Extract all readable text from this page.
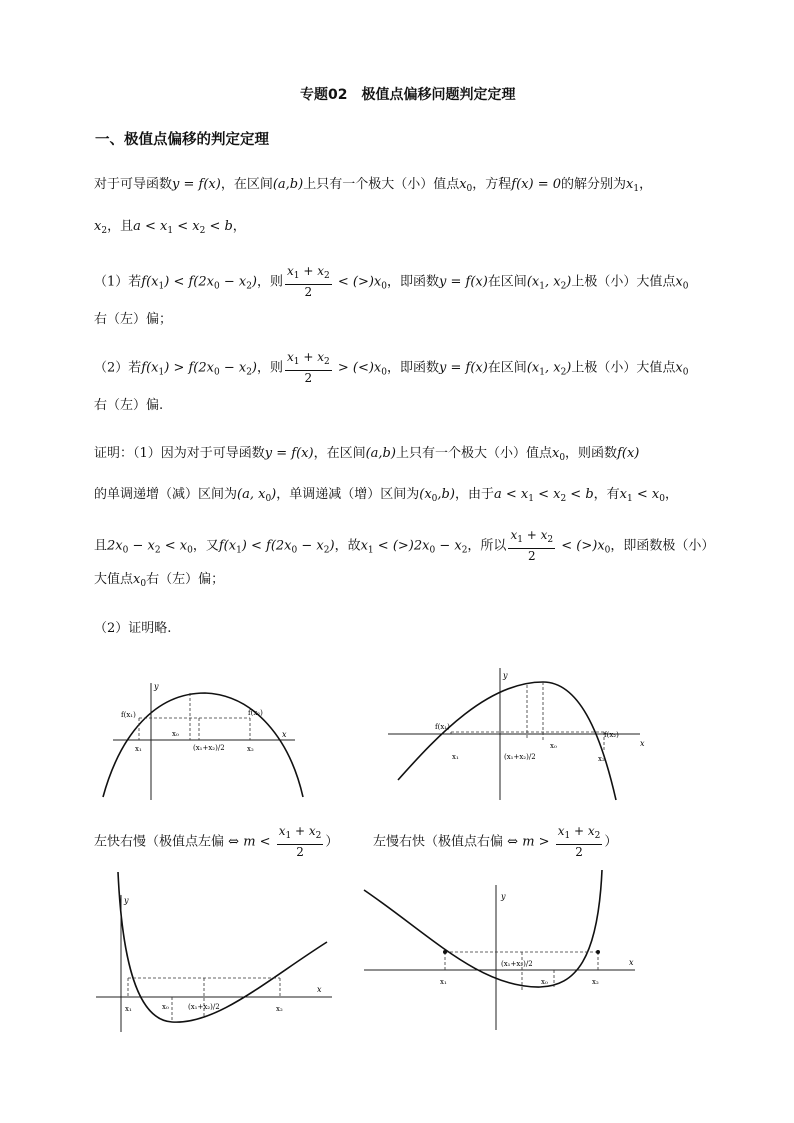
专题02　极值点偏移问题判定定理
一、极值点偏移的判定定理
对于可导函数y = f(x)，在区间(a,b)上只有一个极大（小）值点$x_0$，方程f(x) = 0的解分别为$x_1$，
$x_2$，且$a < x_1 < x_2 < b$，
（1）若$f(x_1) < f(2x_0 - x_2)$，则 $\frac{x_1 + x_2}{2} < (>)x_0$，即函数y = f(x)在区间($x_1$, $x_2$)上极（小）大值点$x_0$
右（左）偏；
（2）若$f(x_1) > f(2x_0 - x_2)$，则 $\frac{x_1 + x_2}{2} > (<)x_0$，即函数y = f(x)在区间($x_1$, $x_2$)上极（小）大值点$x_0$
右（左）偏.
证明：（1）因为对于可导函数y = f(x)，在区间(a,b)上只有一个极大（小）值点$x_0$，则函数f(x)
的单调递增（减）区间为(a, $x_0$)，单调递减（增）区间为$(x_0,b)$，由于$a < x_1 < x_2 < b$，有$x_1 < x_0$，
且$2x_0 - x_2 < x_0$，又$f(x_1) < f(2x_0 - x_2)$，故$x_1 < (>)2x_0 - x_2$，所以 $\frac{x_1 + x_2}{2} < (>)x_0$，即函数极（小）
大值点$x_0$右（左）偏；
（2）证明略.
f(x₁)	f(x₂)
x₁
x₀
(x₁+x₂)/2	x₂
x
y
f(x₁)
f(x₂)
x₁
x₀
(x₁+x₂)/2	x₂
x
y
左快右慢（极值点左偏 ⇔ $m < \frac{x_1 + x_2}{2}$ ）	左慢右快（极值点右偏 ⇔ $m > \frac{x_1 + x_2}{2}$ ）
x₁	x₀	(x₁+x₂)/2	x₂
x
y
x₁	x₀
(x₁+x₂)/2
x₂
x
y
